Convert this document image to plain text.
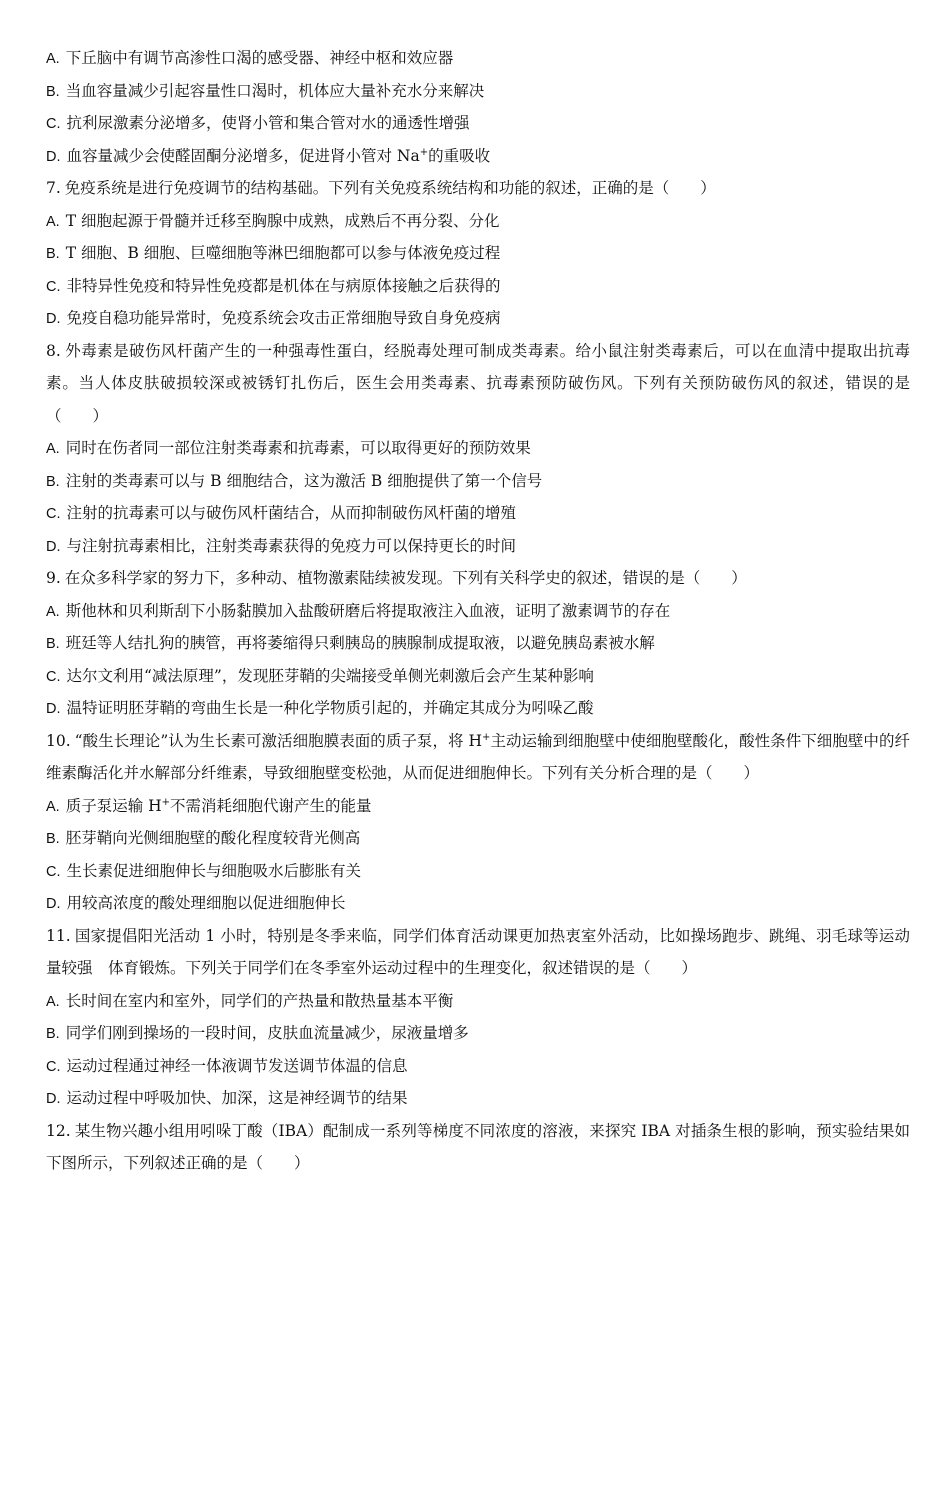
A. 下丘脑中有调节高渗性口渴的感受器、神经中枢和效应器
B. 当血容量减少引起容量性口渴时，机体应大量补充水分来解决
C. 抗利尿激素分泌增多，使肾小管和集合管对水的通透性增强
D. 血容量减少会使醛固酮分泌增多，促进肾小管对 Na+的重吸收
7. 免疫系统是进行免疫调节的结构基础。下列有关免疫系统结构和功能的叙述，正确的是（　　）
A. T 细胞起源于骨髓并迁移至胸腺中成熟，成熟后不再分裂、分化
B. T 细胞、B 细胞、巨噬细胞等淋巴细胞都可以参与体液免疫过程
C. 非特异性免疫和特异性免疫都是机体在与病原体接触之后获得的
D. 免疫自稳功能异常时，免疫系统会攻击正常细胞导致自身免疫病
8. 外毒素是破伤风杆菌产生的一种强毒性蛋白，经脱毒处理可制成类毒素。给小鼠注射类毒素后，可以在血清中提取出抗毒素。当人体皮肤破损较深或被锈钉扎伤后，医生会用类毒素、抗毒素预防破伤风。下列有关预防破伤风的叙述，错误的是（　　）
A. 同时在伤者同一部位注射类毒素和抗毒素，可以取得更好的预防效果
B. 注射的类毒素可以与 B 细胞结合，这为激活 B 细胞提供了第一个信号
C. 注射的抗毒素可以与破伤风杆菌结合，从而抑制破伤风杆菌的增殖
D. 与注射抗毒素相比，注射类毒素获得的免疫力可以保持更长的时间
9. 在众多科学家的努力下，多种动、植物激素陆续被发现。下列有关科学史的叙述，错误的是（　　）
A. 斯他林和贝利斯刮下小肠黏膜加入盐酸研磨后将提取液注入血液，证明了激素调节的存在
B. 班廷等人结扎狗的胰管，再将萎缩得只剩胰岛的胰腺制成提取液，以避免胰岛素被水解
C. 达尔文利用“减法原理”，发现胚芽鞘的尖端接受单侧光刺激后会产生某种影响
D. 温特证明胚芽鞘的弯曲生长是一种化学物质引起的，并确定其成分为吲哚乙酸
10. “酸生长理论”认为生长素可激活细胞膜表面的质子泵，将 H+主动运输到细胞壁中使细胞壁酸化，酸性条件下细胞壁中的纤维素酶活化并水解部分纤维素，导致细胞壁变松弛，从而促进细胞伸长。下列有关分析合理的是（　　）
A. 质子泵运输 H+不需消耗细胞代谢产生的能量
B. 胚芽鞘向光侧细胞壁的酸化程度较背光侧高
C. 生长素促进细胞伸长与细胞吸水后膨胀有关
D. 用较高浓度的酸处理细胞以促进细胞伸长
11. 国家提倡阳光活动 1 小时，特别是冬季来临，同学们体育活动课更加热衷室外活动，比如操场跑步、跳绳、羽毛球等运动量较强　体育锻炼。下列关于同学们在冬季室外运动过程中的生理变化，叙述错误的是（　　）
A. 长时间在室内和室外，同学们的产热量和散热量基本平衡
B. 同学们刚到操场的一段时间，皮肤血流量减少，尿液量增多
C. 运动过程通过神经一体液调节发送调节体温的信息
D. 运动过程中呼吸加快、加深，这是神经调节的结果
12. 某生物兴趣小组用吲哚丁酸（IBA）配制成一系列等梯度不同浓度的溶液，来探究 IBA 对插条生根的影响，预实验结果如下图所示，下列叙述正确的是（　　）
